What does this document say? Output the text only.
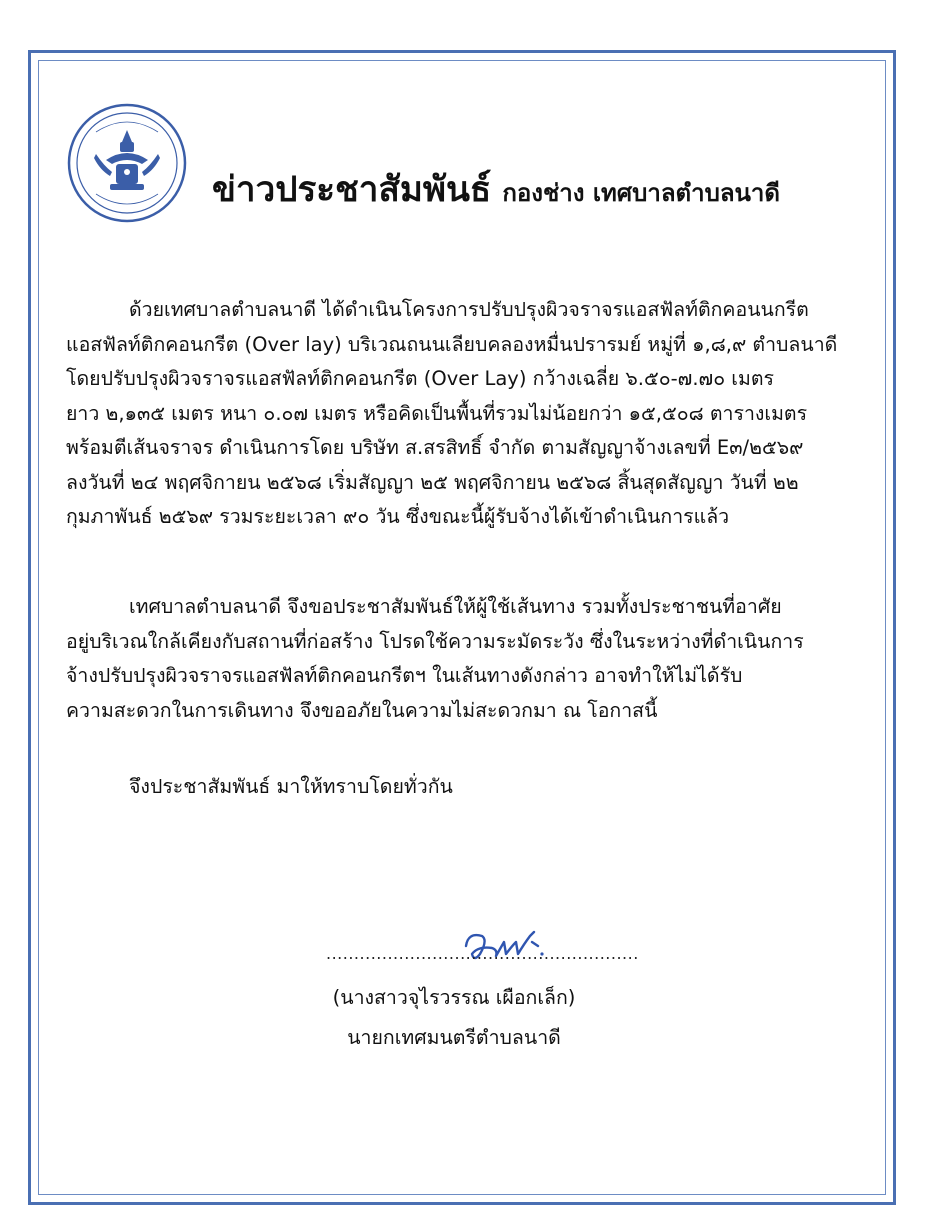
ข่าวประชาสัมพันธ์ กองช่าง เทศบาลตำบลนาดี
ด้วยเทศบาลตำบลนาดี ได้ดำเนินโครงการปรับปรุงผิวจราจรแอสฟัลท์ติกคอนนกรีต
แอสฟัลท์ติกคอนกรีต (Over lay) บริเวณถนนเลียบคลองหมื่นปรารมย์ หมู่ที่ ๑,๘,๙ ตำบลนาดี
โดยปรับปรุงผิวจราจรแอสฟัลท์ติกคอนกรีต (Over Lay) กว้างเฉลี่ย ๖.๕๐-๗.๗๐ เมตร
ยาว ๒,๑๓๕ เมตร หนา ๐.๐๗ เมตร หรือคิดเป็นพื้นที่รวมไม่น้อยกว่า ๑๕,๕๐๘ ตารางเมตร
พร้อมตีเส้นจราจร ดำเนินการโดย บริษัท ส.สรสิทธิ์ จำกัด ตามสัญญาจ้างเลขที่ E๓/๒๕๖๙
ลงวันที่ ๒๔ พฤศจิกายน ๒๕๖๘ เริ่มสัญญา ๒๕ พฤศจิกายน ๒๕๖๘ สิ้นสุดสัญญา วันที่ ๒๒
กุมภาพันธ์ ๒๕๖๙ รวมระยะเวลา ๙๐ วัน ซึ่งขณะนี้ผู้รับจ้างได้เข้าดำเนินการแล้ว
เทศบาลตำบลนาดี จึงขอประชาสัมพันธ์ให้ผู้ใช้เส้นทาง รวมทั้งประชาชนที่อาศัย
อยู่บริเวณใกล้เคียงกับสถานที่ก่อสร้าง โปรดใช้ความระมัดระวัง ซึ่งในระหว่างที่ดำเนินการ
จ้างปรับปรุงผิวจราจรแอสฟัลท์ติกคอนกรีตฯ ในเส้นทางดังกล่าว อาจทำให้ไม่ได้รับ
ความสะดวกในการเดินทาง จึงขออภัยในความไม่สะดวกมา ณ โอกาสนี้
จึงประชาสัมพันธ์ มาให้ทราบโดยทั่วกัน
........................................................
(นางสาวจุไรวรรณ เผือกเล็ก)
นายกเทศมนตรีตำบลนาดี
